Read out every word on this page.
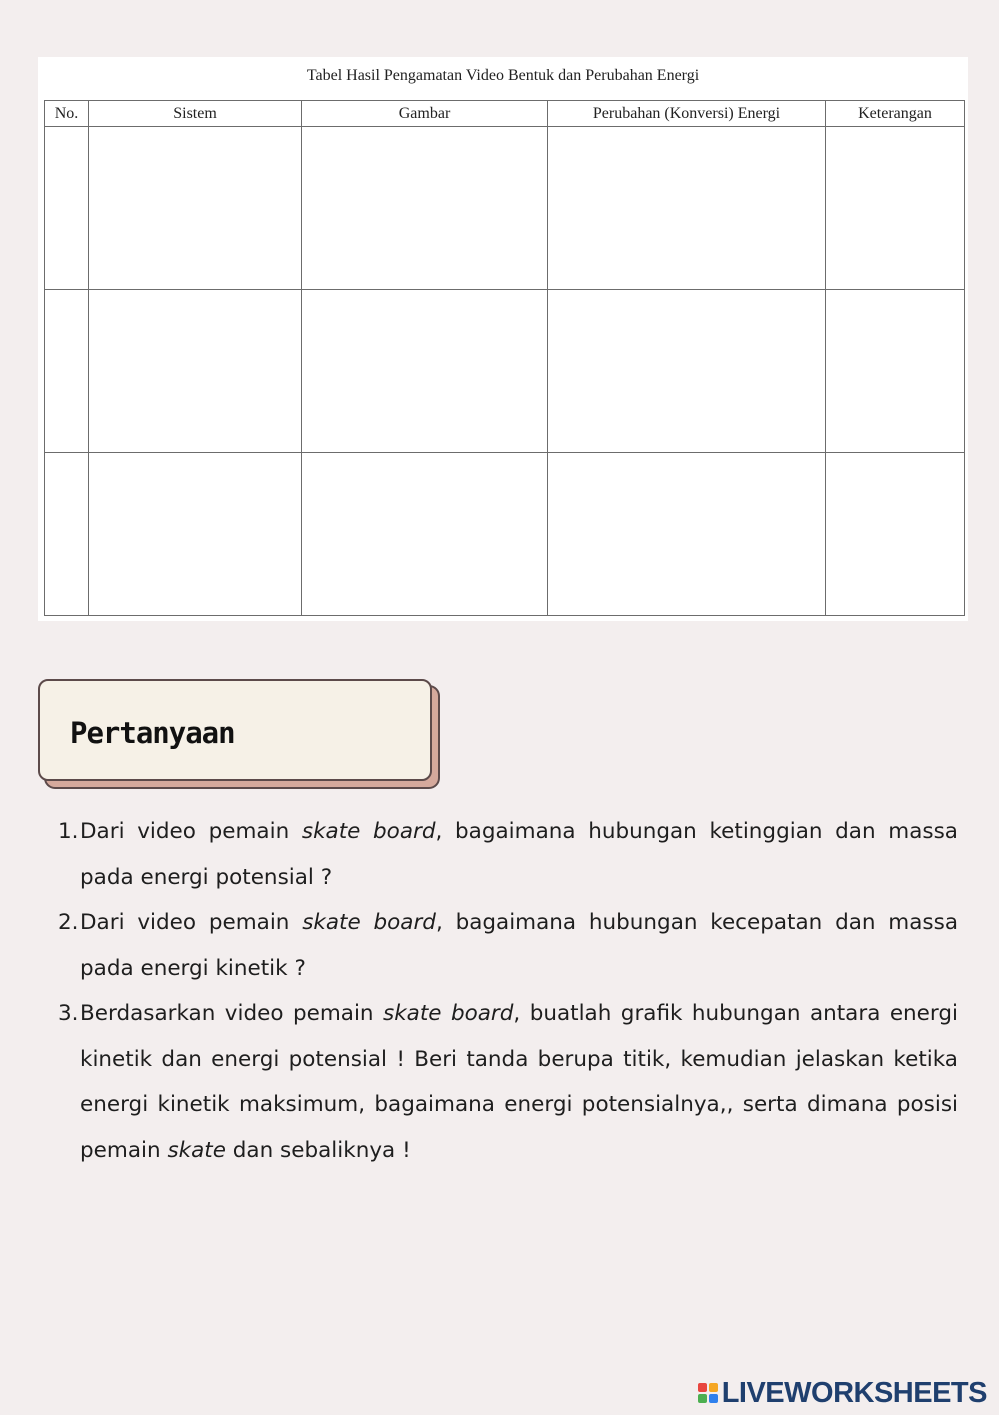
Tabel Hasil Pengamatan Video Bentuk dan Perubahan Energi
No.	Sistem	Gambar	Perubahan (Konversi) Energi	Keterangan

Pertanyaan
1. Dari video pemain skate board, bagaimana hubungan ketinggian dan massa pada energi potensial ?
2. Dari video pemain skate board, bagaimana hubungan kecepatan dan massa pada energi kinetik ?
3. Berdasarkan video pemain skate board, buatlah grafik hubungan antara energi kinetik dan energi potensial ! Beri tanda berupa titik, kemudian jelaskan ketika energi kinetik maksimum, bagaimana energi potensialnya,, serta dimana posisi pemain skate dan sebaliknya !
LIVEWORKSHEETS
